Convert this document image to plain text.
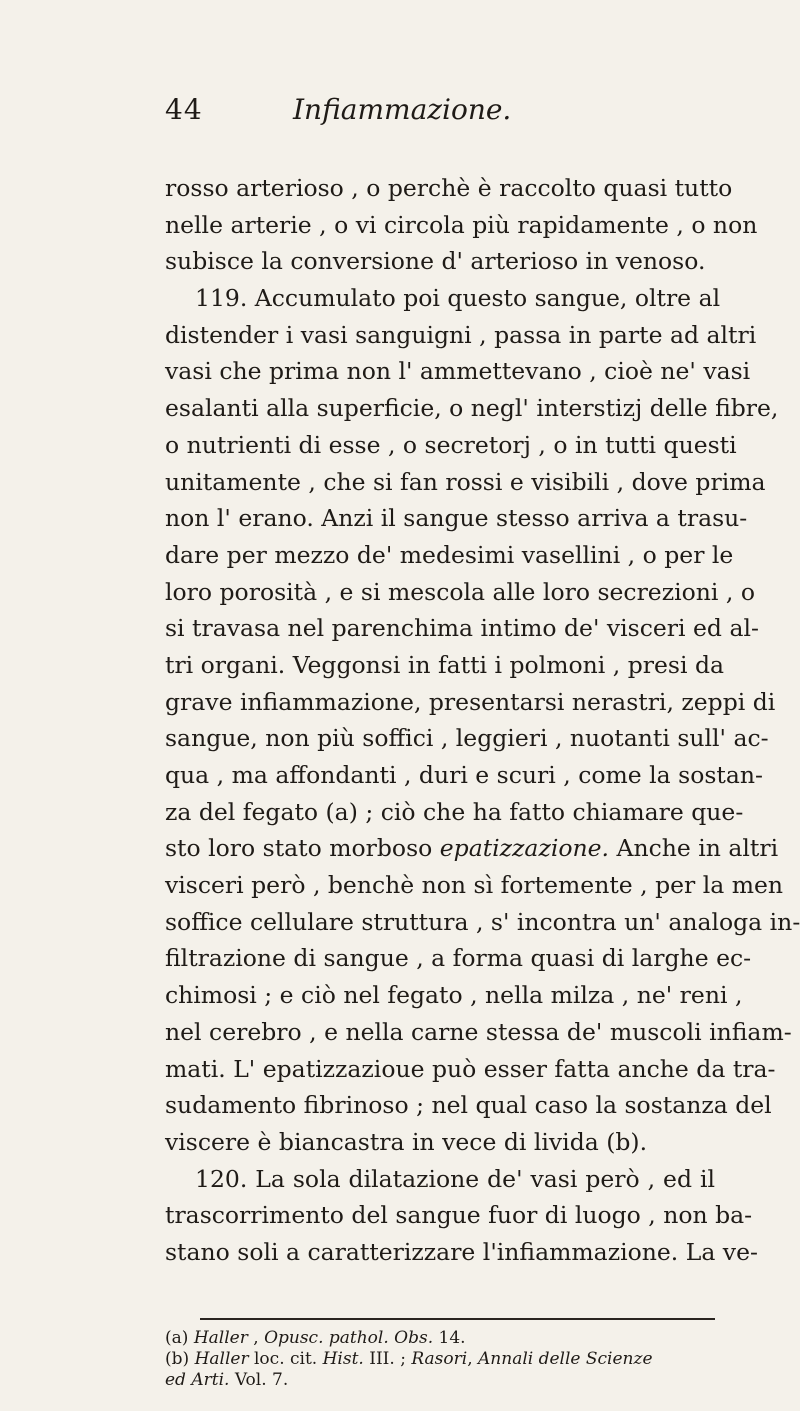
44	Infiammazione.
rosso arterioso , o perchè è raccolto quasi tutto
nelle arterie , o vi circola più rapidamente , o non
subisce la conversione d' arterioso in venoso.
119. Accumulato poi questo sangue, oltre al
distender i vasi sanguigni , passa in parte ad altri
vasi che prima non l' ammettevano , cioè ne' vasi
esalanti alla superficie, o negl' interstizj delle fibre,
o nutrienti di esse , o secretorj , o in tutti questi
unitamente , che si fan rossi e visibili , dove prima
non l' erano. Anzi il sangue stesso arriva a trasu-
dare per mezzo de' medesimi vasellini , o per le
loro porosità , e si mescola alle loro secrezioni , o
si travasa nel parenchima intimo de' visceri ed al-
tri organi. Veggonsi in fatti i polmoni , presi da
grave infiammazione, presentarsi nerastri, zeppi di
sangue, non più soffici , leggieri , nuotanti sull' ac-
qua , ma affondanti , duri e scuri , come la sostan-
za del fegato (a) ; ciò che ha fatto chiamare que-
sto loro stato morboso epatizzazione. Anche in altri
visceri però , benchè non sì fortemente , per la men
soffice cellulare struttura , s' incontra un' analoga in-
filtrazione di sangue , a forma quasi di larghe ec-
chimosi ; e ciò nel fegato , nella milza , ne' reni ,
nel cerebro , e nella carne stessa de' muscoli infiam-
mati. L' epatizzazioue può esser fatta anche da tra-
sudamento fibrinoso ; nel qual caso la sostanza del
viscere è biancastra in vece di livida (b).
120. La sola dilatazione de' vasi però , ed il
trascorrimento del sangue fuor di luogo , non ba-
stano soli a caratterizzare l'infiammazione. La ve-
(a) Haller , Opusc. pathol. Obs. 14.
(b) Haller loc. cit. Hist. III. ; Rasori, Annali delle Scienze
ed Arti. Vol. 7.
